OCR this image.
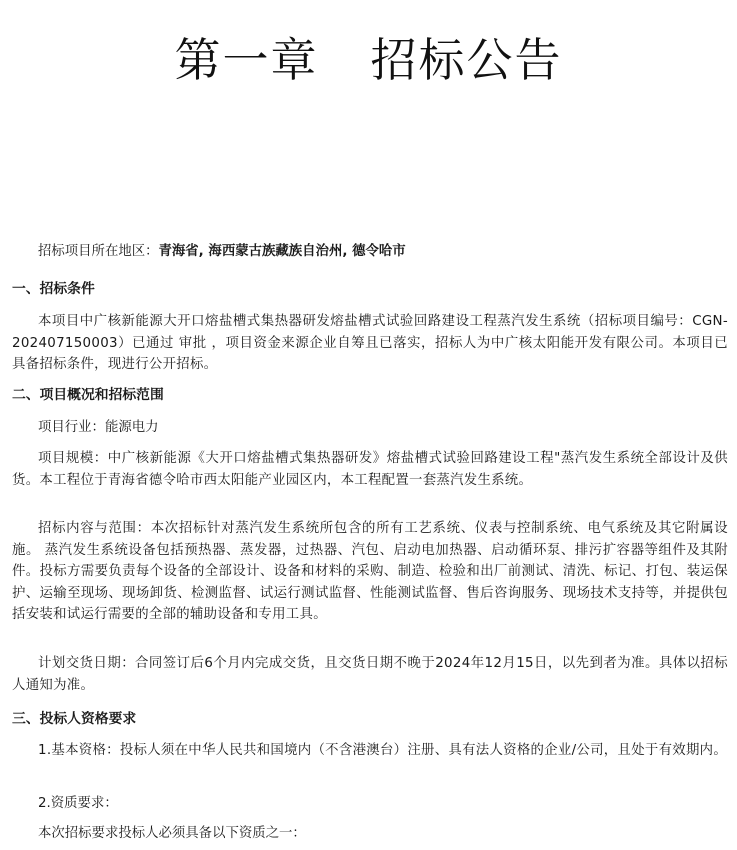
第一章 招标公告
招标项目所在地区：青海省, 海西蒙古族藏族自治州, 德令哈市
一、招标条件
本项目中广核新能源大开口熔盐槽式集热器研发熔盐槽式试验回路建设工程蒸汽发生系统（招标项目编号：CGN-202407150003）已通过 审批 ，项目资金来源企业自筹且已落实，招标人为中广核太阳能开发有限公司。本项目已具备招标条件，现进行公开招标。
二、项目概况和招标范围
项目行业：能源电力
项目规模：中广核新能源《大开口熔盐槽式集热器研发》熔盐槽式试验回路建设工程"蒸汽发生系统全部设计及供货。本工程位于青海省德令哈市西太阳能产业园区内，本工程配置一套蒸汽发生系统。
招标内容与范围：本次招标针对蒸汽发生系统所包含的所有工艺系统、仪表与控制系统、电气系统及其它附属设施。 蒸汽发生系统设备包括预热器、蒸发器，过热器、汽包、启动电加热器、启动循环泵、排污扩容器等组件及其附件。投标方需要负责每个设备的全部设计、设备和材料的采购、制造、检验和出厂前测试、清洗、标记、打包、装运保护、运输至现场、现场卸货、检测监督、试运行测试监督、性能测试监督、售后咨询服务、现场技术支持等，并提供包括安装和试运行需要的全部的辅助设备和专用工具。
计划交货日期：合同签订后6个月内完成交货，且交货日期不晚于2024年12月15日，以先到者为准。具体以招标人通知为准。
三、投标人资格要求
1.基本资格：投标人须在中华人民共和国境内（不含港澳台）注册、具有法人资格的企业/公司，且处于有效期内。
2.资质要求：
本次招标要求投标人必须具备以下资质之一：
